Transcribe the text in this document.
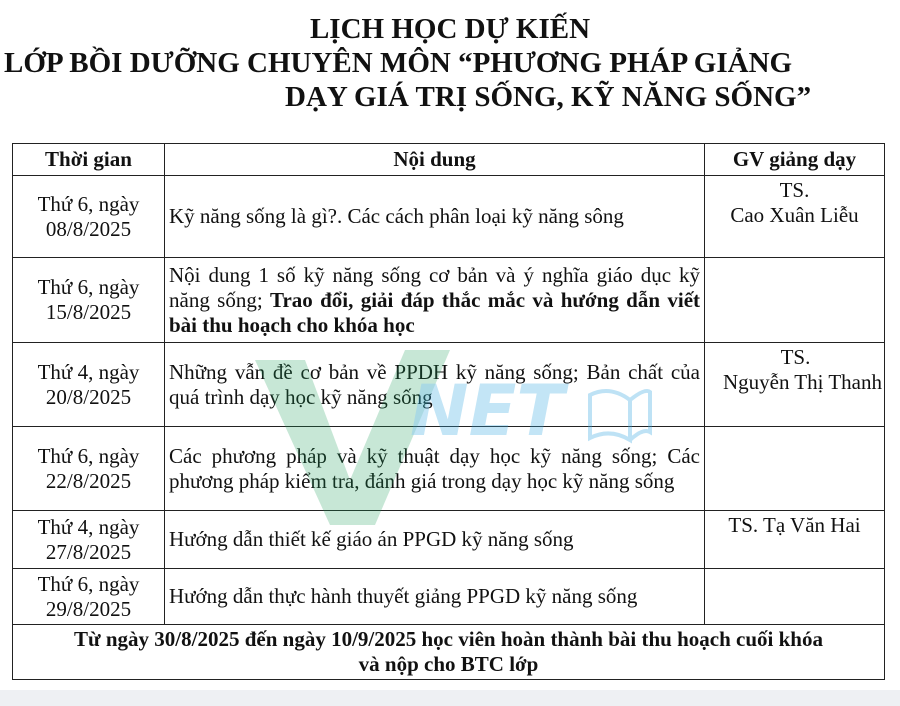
LỊCH HỌC DỰ KIẾN
LỚP BỒI DƯỠNG CHUYÊN MÔN “PHƯƠNG PHÁP GIẢNG
DẠY GIÁ TRỊ SỐNG, KỸ NĂNG SỐNG”
Thời gian	Nội dung	GV giảng dạy

Thứ 6, ngày
08/8/2025	Kỹ năng sống là gì?. Các cách phân loại kỹ năng sông	TS.
Cao Xuân Liễu

Thứ 6, ngày
15/8/2025	Nội dung 1 số kỹ năng sống cơ bản và ý nghĩa giáo dục kỹ năng sống; Trao đổi, giải đáp thắc mắc và hướng dẫn viết bài thu hoạch cho khóa học	

Thứ 4, ngày
20/8/2025	Những vẫn đề cơ bản về PPDH kỹ năng sống; Bản chất của quá trình dạy học kỹ năng sống	TS.
Nguyễn Thị Thanh

Thứ 6, ngày
22/8/2025	Các phương pháp và kỹ thuật dạy học kỹ năng sống; Các phương pháp kiểm tra, đánh giá trong dạy học kỹ năng sống	

Thứ 4, ngày
27/8/2025	Hướng dẫn thiết kế giáo án PPGD kỹ năng sống	TS. Tạ Văn Hai

Thứ 6, ngày
29/8/2025	Hướng dẫn thực hành thuyết giảng PPGD kỹ năng sống	

Từ ngày 30/8/2025 đến ngày 10/9/2025 học viên hoàn thành bài thu hoạch cuối khóa
và nộp cho BTC lớp		
NET
